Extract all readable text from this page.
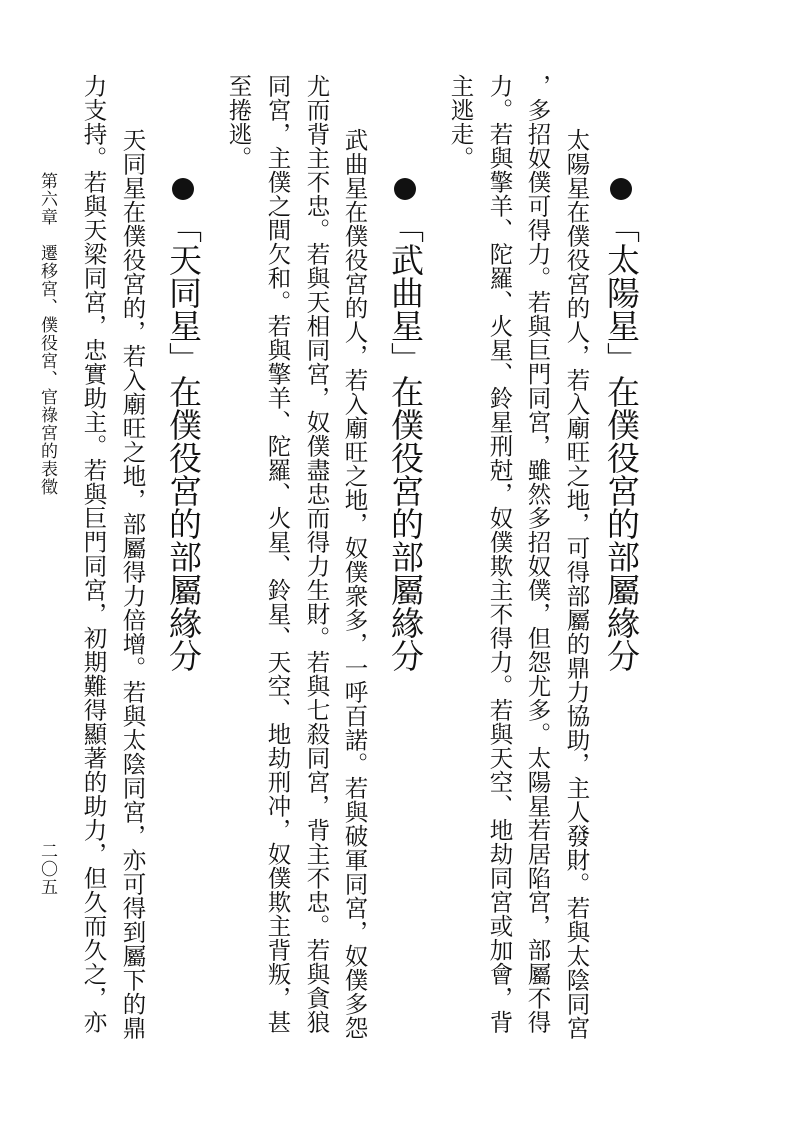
「太陽星」在僕役宮的部屬緣分

太陽星在僕役宮的人，若入廟旺之地，可得部屬的鼎力協助，主人發財。若與太陰同宮

，多招奴僕可得力。若與巨門同宮，雖然多招奴僕，但怨尤多。太陽星若居陷宮，部屬不得

力。若與擎羊、陀羅、火星、鈴星刑尅，奴僕欺主不得力。若與天空、地劫同宮或加會，背

主逃走。

「武曲星」在僕役宮的部屬緣分

武曲星在僕役宮的人，若入廟旺之地，奴僕衆多，一呼百諾。若與破軍同宮，奴僕多怨

尤而背主不忠。若與天相同宮，奴僕盡忠而得力生財。若與七殺同宮，背主不忠。若與貪狼

同宮，主僕之間欠和。若與擎羊、陀羅、火星、鈴星、天空、地劫刑冲，奴僕欺主背叛，甚

至捲逃。

「天同星」在僕役宮的部屬緣分

天同星在僕役宮的，若入廟旺之地，部屬得力倍增。若與太陰同宮，亦可得到屬下的鼎

力支持。若與天梁同宮，忠實助主。若與巨門同宮，初期難得顯著的助力，但久而久之，亦

第六章　遷移宮、僕役宮、官祿宮的表徵

二〇五
